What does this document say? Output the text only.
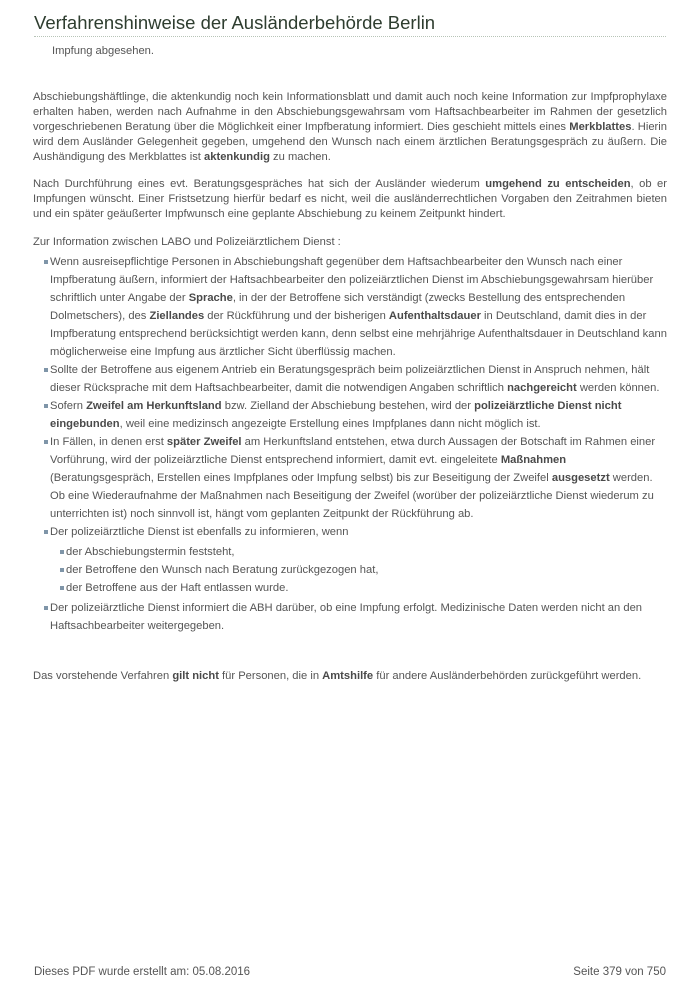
Verfahrenshinweise der Ausländerbehörde Berlin

Impfung abgesehen.

Abschiebungshäftlinge, die aktenkundig noch kein Informationsblatt und damit auch noch keine Information zur Impfprophylaxe erhalten haben, werden nach Aufnahme in den Abschiebungsgewahrsam vom Haftsachbearbeiter im Rahmen der gesetzlich vorgeschriebenen Beratung über die Möglichkeit einer Impfberatung informiert. Dies geschieht mittels eines Merkblattes. Hierin wird dem Ausländer Gelegenheit gegeben, umgehend den Wunsch nach einem ärztlichen Beratungsgespräch zu äußern. Die Aushändigung des Merkblattes ist aktenkundig zu machen.

Nach Durchführung eines evt. Beratungsgespräches hat sich der Ausländer wiederum umgehend zu entscheiden, ob er Impfungen wünscht. Einer Fristsetzung hierfür bedarf es nicht, weil die ausländerrechtlichen Vorgaben den Zeitrahmen bieten und ein später geäußerter Impfwunsch eine geplante Abschiebung zu keinem Zeitpunkt hindert.

Zur Information zwischen LABO und Polizeiärztlichem Dienst :

Wenn ausreisepflichtige Personen in Abschiebungshaft gegenüber dem Haftsachbearbeiter den Wunsch nach einer Impfberatung äußern, informiert der Haftsachbearbeiter den polizeiärztlichen Dienst im Abschiebungsgewahrsam hierüber schriftlich unter Angabe der Sprache, in der der Betroffene sich verständigt (zwecks Bestellung des entsprechenden Dolmetschers), des Ziellandes der Rückführung und der bisherigen Aufenthaltsdauer in Deutschland, damit dies in der Impfberatung entsprechend berücksichtigt werden kann, denn selbst eine mehrjährige Aufenthaltsdauer in Deutschland kann möglicherweise eine Impfung aus ärztlicher Sicht überflüssig machen.
Sollte der Betroffene aus eigenem Antrieb ein Beratungsgespräch beim polizeiärztlichen Dienst in Anspruch nehmen, hält dieser Rücksprache mit dem Haftsachbearbeiter, damit die notwendigen Angaben schriftlich nachgereicht werden können.
Sofern Zweifel am Herkunftsland bzw. Zielland der Abschiebung bestehen, wird der polizeiärztliche Dienst nicht eingebunden, weil eine medizinsch angezeigte Erstellung eines Impfplanes dann nicht möglich ist.
In Fällen, in denen erst später Zweifel am Herkunftsland entstehen, etwa durch Aussagen der Botschaft im Rahmen einer Vorführung, wird der polizeiärztliche Dienst entsprechend informiert, damit evt. eingeleitete Maßnahmen (Beratungsgespräch, Erstellen eines Impfplanes oder Impfung selbst) bis zur Beseitigung der Zweifel ausgesetzt werden. Ob eine Wiederaufnahme der Maßnahmen nach Beseitigung der Zweifel (worüber der polizeiärztliche Dienst wiederum zu unterrichten ist) noch sinnvoll ist, hängt vom geplanten Zeitpunkt der Rückführung ab.
Der polizeiärztliche Dienst ist ebenfalls zu informieren, wenn
der Abschiebungstermin feststeht,
der Betroffene den Wunsch nach Beratung zurückgezogen hat,
der Betroffene aus der Haft entlassen wurde.
Der polizeiärztliche Dienst informiert die ABH darüber, ob eine Impfung erfolgt. Medizinische Daten werden nicht an den Haftsachbearbeiter weitergegeben.

Das vorstehende Verfahren gilt nicht für Personen, die in Amtshilfe für andere Ausländerbehörden zurückgeführt werden.

Dieses PDF wurde erstellt am: 05.08.2016	Seite 379 von 750
